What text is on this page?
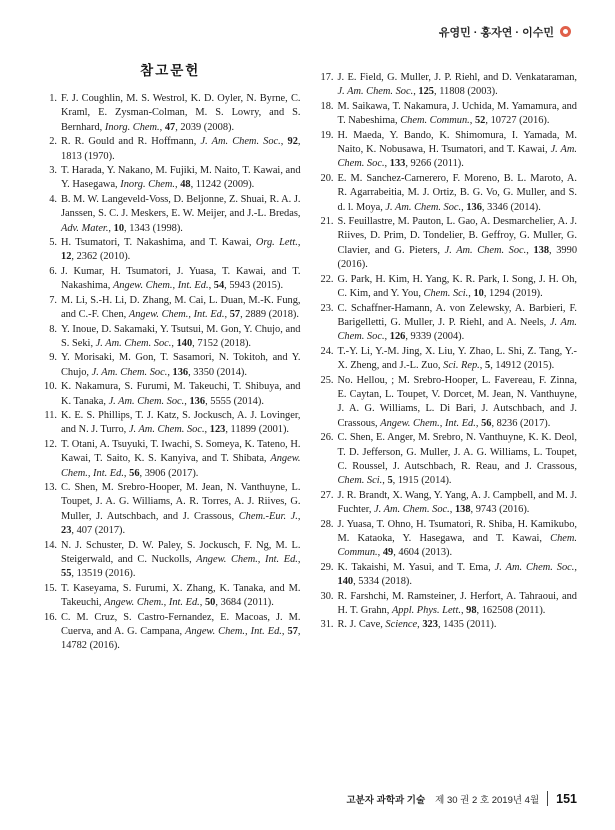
유영민 · 홍자연 · 이수민
참고문헌
1. F. J. Coughlin, M. S. Westrol, K. D. Oyler, N. Byrne, C. Kraml, E. Zysman-Colman, M. S. Lowry, and S. Bernhard, Inorg. Chem., 47, 2039 (2008).
2. R. R. Gould and R. Hoffmann, J. Am. Chem. Soc., 92, 1813 (1970).
3. T. Harada, Y. Nakano, M. Fujiki, M. Naito, T. Kawai, and Y. Hasegawa, Inorg. Chem., 48, 11242 (2009).
4. B. M. W. Langeveld-Voss, D. Beljonne, Z. Shuai, R. A. J. Janssen, S. C. J. Meskers, E. W. Meijer, and J.-L. Bredas, Adv. Mater., 10, 1343 (1998).
5. H. Tsumatori, T. Nakashima, and T. Kawai, Org. Lett., 12, 2362 (2010).
6. J. Kumar, H. Tsumatori, J. Yuasa, T. Kawai, and T. Nakashima, Angew. Chem., Int. Ed., 54, 5943 (2015).
7. M. Li, S.-H. Li, D. Zhang, M. Cai, L. Duan, M.-K. Fung, and C.-F. Chen, Angew. Chem., Int. Ed., 57, 2889 (2018).
8. Y. Inoue, D. Sakamaki, Y. Tsutsui, M. Gon, Y. Chujo, and S. Seki, J. Am. Chem. Soc., 140, 7152 (2018).
9. Y. Morisaki, M. Gon, T. Sasamori, N. Tokitoh, and Y. Chujo, J. Am. Chem. Soc., 136, 3350 (2014).
10. K. Nakamura, S. Furumi, M. Takeuchi, T. Shibuya, and K. Tanaka, J. Am. Chem. Soc., 136, 5555 (2014).
11. K. E. S. Phillips, T. J. Katz, S. Jockusch, A. J. Lovinger, and N. J. Turro, J. Am. Chem. Soc., 123, 11899 (2001).
12. T. Otani, A. Tsuyuki, T. Iwachi, S. Someya, K. Tateno, H. Kawai, T. Saito, K. S. Kanyiva, and T. Shibata, Angew. Chem., Int. Ed., 56, 3906 (2017).
13. C. Shen, M. Srebro-Hooper, M. Jean, N. Vanthuyne, L. Toupet, J. A. G. Williams, A. R. Torres, A. J. Riives, G. Muller, J. Autschbach, and J. Crassous, Chem.-Eur. J., 23, 407 (2017).
14. N. J. Schuster, D. W. Paley, S. Jockusch, F. Ng, M. L. Steigerwald, and C. Nuckolls, Angew. Chem., Int. Ed., 55, 13519 (2016).
15. T. Kaseyama, S. Furumi, X. Zhang, K. Tanaka, and M. Takeuchi, Angew. Chem., Int. Ed., 50, 3684 (2011).
16. C. M. Cruz, S. Castro-Fernandez, E. Macoas, J. M. Cuerva, and A. G. Campana, Angew. Chem., Int. Ed., 57, 14782 (2016).
17. J. E. Field, G. Muller, J. P. Riehl, and D. Venkataraman, J. Am. Chem. Soc., 125, 11808 (2003).
18. M. Saikawa, T. Nakamura, J. Uchida, M. Yamamura, and T. Nabeshima, Chem. Commun., 52, 10727 (2016).
19. H. Maeda, Y. Bando, K. Shimomura, I. Yamada, M. Naito, K. Nobusawa, H. Tsumatori, and T. Kawai, J. Am. Chem. Soc., 133, 9266 (2011).
20. E. M. Sanchez-Carnerero, F. Moreno, B. L. Maroto, A. R. Agarrabeitia, M. J. Ortiz, B. G. Vo, G. Muller, and S. d. l. Moya, J. Am. Chem. Soc., 136, 3346 (2014).
21. S. Feuillastre, M. Pauton, L. Gao, A. Desmarchelier, A. J. Riives, D. Prim, D. Tondelier, B. Geffroy, G. Muller, G. Clavier, and G. Pieters, J. Am. Chem. Soc., 138, 3990 (2016).
22. G. Park, H. Kim, H. Yang, K. R. Park, I. Song, J. H. Oh, C. Kim, and Y. You, Chem. Sci., 10, 1294 (2019).
23. C. Schaffner-Hamann, A. von Zelewsky, A. Barbieri, F. Barigelletti, G. Muller, J. P. Riehl, and A. Neels, J. Am. Chem. Soc., 126, 9339 (2004).
24. T.-Y. Li, Y.-M. Jing, X. Liu, Y. Zhao, L. Shi, Z. Tang, Y.-X. Zheng, and J.-L. Zuo, Sci. Rep., 5, 14912 (2015).
25. No. Hellou, ; M. Srebro-Hooper, L. Favereau, F. Zinna, E. Caytan, L. Toupet, V. Dorcet, M. Jean, N. Vanthuyne, J. A. G. Williams, L. Di Bari, J. Autschbach, and J. Crassous, Angew. Chem., Int. Ed., 56, 8236 (2017).
26. C. Shen, E. Anger, M. Srebro, N. Vanthuyne, K. K. Deol, T. D. Jefferson, G. Muller, J. A. G. Williams, L. Toupet, C. Roussel, J. Autschbach, R. Reau, and J. Crassous, Chem. Sci., 5, 1915 (2014).
27. J. R. Brandt, X. Wang, Y. Yang, A. J. Campbell, and M. J. Fuchter, J. Am. Chem. Soc., 138, 9743 (2016).
28. J. Yuasa, T. Ohno, H. Tsumatori, R. Shiba, H. Kamikubo, M. Kataoka, Y. Hasegawa, and T. Kawai, Chem. Commun., 49, 4604 (2013).
29. K. Takaishi, M. Yasui, and T. Ema, J. Am. Chem. Soc., 140, 5334 (2018).
30. R. Farshchi, M. Ramsteiner, J. Herfort, A. Tahraoui, and H. T. Grahn, Appl. Phys. Lett., 98, 162508 (2011).
31. R. J. Cave, Science, 323, 1435 (2011).
고분자 과학과 기술 제 30 권 2 호 2019년 4월 151
